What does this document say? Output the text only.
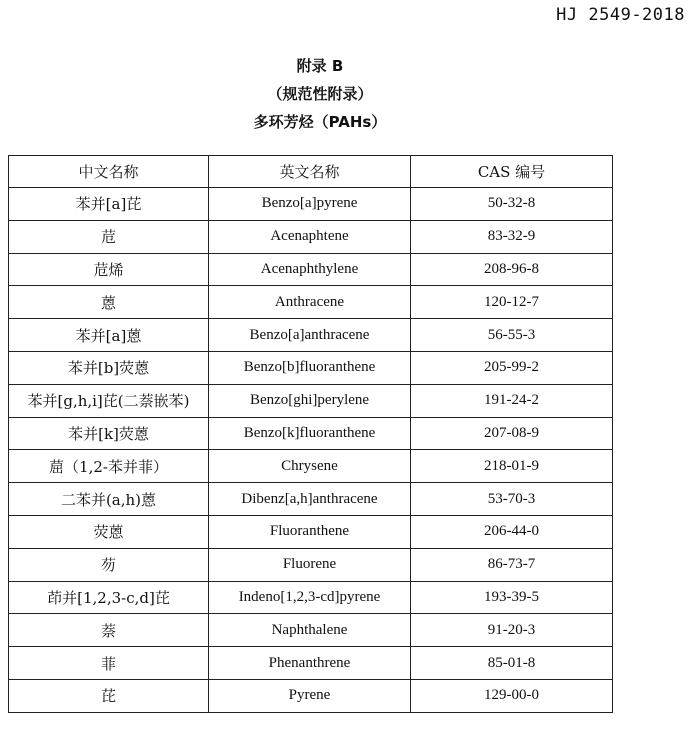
HJ 2549-2018
附录 B
（规范性附录）
多环芳烃（PAHs）
中文名称	英文名称	CAS 编号
苯并[a]芘	Benzo[a]pyrene	50-32-8
苊	Acenaphtene	83-32-9
苊烯	Acenaphthylene	208-96-8
蒽	Anthracene	120-12-7
苯并[a]蒽	Benzo[a]anthracene	56-55-3
苯并[b]荧蒽	Benzo[b]fluoranthene	205-99-2
苯并[g,h,i]芘(二萘嵌苯)	Benzo[ghi]perylene	191-24-2
苯并[k]荧蒽	Benzo[k]fluoranthene	207-08-9
䓛（1,2-苯并菲）	Chrysene	218-01-9
二苯并(a,h)蒽	Dibenz[a,h]anthracene	53-70-3
荧蒽	Fluoranthene	206-44-0
芴	Fluorene	86-73-7
茚并[1,2,3-c,d]芘	Indeno[1,2,3-cd]pyrene	193-39-5
萘	Naphthalene	91-20-3
菲	Phenanthrene	85-01-8
芘	Pyrene	129-00-0
